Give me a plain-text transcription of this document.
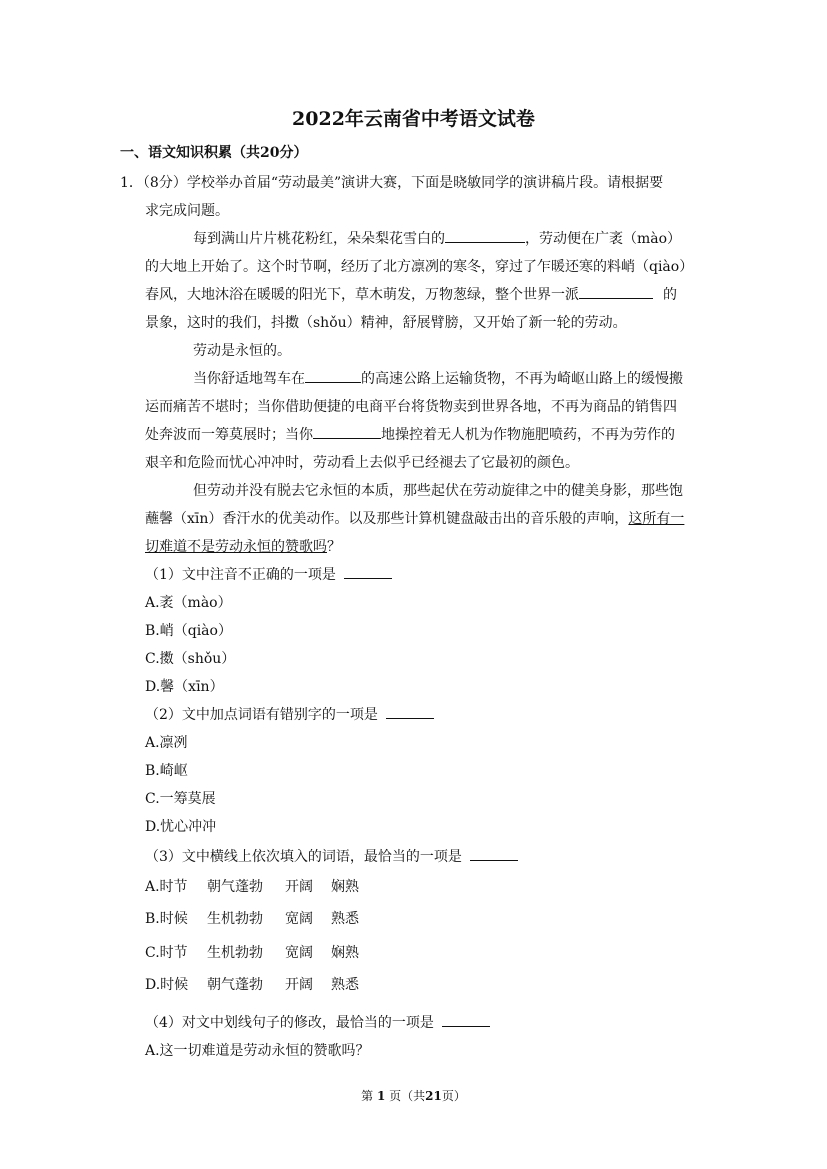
2022年云南省中考语文试卷
一、语文知识积累（共20分）
1．（8分）学校举办首届“劳动最美”演讲大赛，下面是晓敏同学的演讲稿片段。请根据要
求完成问题。
每到满山片片桃花粉红，朵朵梨花雪白的	，劳动便在广袤（mào）
的大地上开始了。这个时节啊，经历了北方凛冽的寒冬，穿过了乍暖还寒的料峭（qiào）
春风，大地沐浴在暖暖的阳光下，草木萌发，万物葱绿，整个世界一派	的
景象，这时的我们，抖擞（shǒu）精神，舒展臂膀，又开始了新一轮的劳动。
劳动是永恒的。
当你舒适地驾车在	的高速公路上运输货物，不再为崎岖山路上的缓慢搬
运而痛苦不堪时；当你借助便捷的电商平台将货物卖到世界各地，不再为商品的销售四
处奔波而一筹莫展时；当你	地操控着无人机为作物施肥喷药，不再为劳作的
艰辛和危险而忧心冲冲时，劳动看上去似乎已经褪去了它最初的颜色。
但劳动并没有脱去它永恒的本质，那些起伏在劳动旋律之中的健美身影，那些饱
蘸馨（xīn）香汗水的优美动作。以及那些计算机键盘敲击出的音乐般的声响，这所有一
切难道不是劳动永恒的赞歌吗？
（1）文中注音不正确的一项是
A.袤（mào）
B.峭（qiào）
C.擞（shǒu）
D.馨（xīn）
（2）文中加点词语有错别字的一项是
A.凛冽
B.崎岖
C.一筹莫展
D.忧心冲冲
（3）文中横线上依次填入的词语，最恰当的一项是
A.时节 朝气蓬勃 开阔 娴熟
B.时候 生机勃勃 宽阔 熟悉
C.时节 生机勃勃 宽阔 娴熟
D.时候 朝气蓬勃 开阔 熟悉
（4）对文中划线句子的修改，最恰当的一项是
A.这一切难道是劳动永恒的赞歌吗？
第 1 页（共21页）
